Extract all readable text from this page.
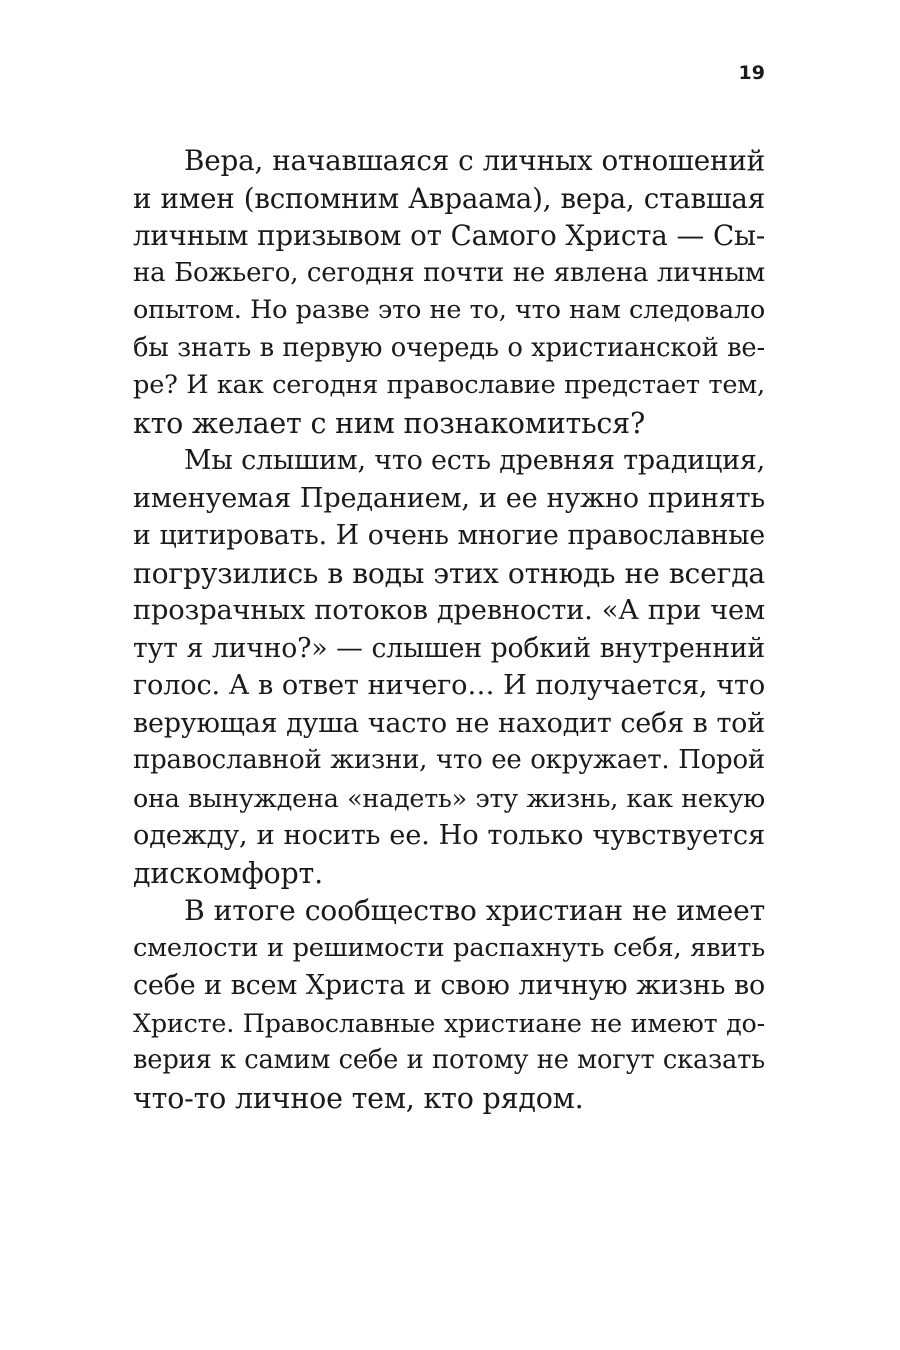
19
Вера, начавшаяся с личных отношений
и имен (вспомним Авраама), вера, ставшая
личным призывом от Самого Христа — Сы-
на Божьего, сегодня почти не явлена личным
опытом. Но разве это не то, что нам следовало
бы знать в первую очередь о христианской ве-
ре? И как сегодня православие предстает тем,
кто желает с ним познакомиться?
Мы слышим, что есть древняя традиция,
именуемая Преданием, и ее нужно принять
и цитировать. И очень многие православные
погрузились в воды этих отнюдь не всегда
прозрачных потоков древности. «А при чем
тут я лично?» — слышен робкий внутренний
голос. А в ответ ничего… И получается, что
верующая душа часто не находит себя в той
православной жизни, что ее окружает. Порой
она вынуждена «надеть» эту жизнь, как некую
одежду, и носить ее. Но только чувствуется
дискомфорт.
В итоге сообщество христиан не имеет
смелости и решимости распахнуть себя, явить
себе и всем Христа и свою личную жизнь во
Христе. Православные христиане не имеют до-
верия к самим себе и потому не могут сказать
что-то личное тем, кто рядом.
